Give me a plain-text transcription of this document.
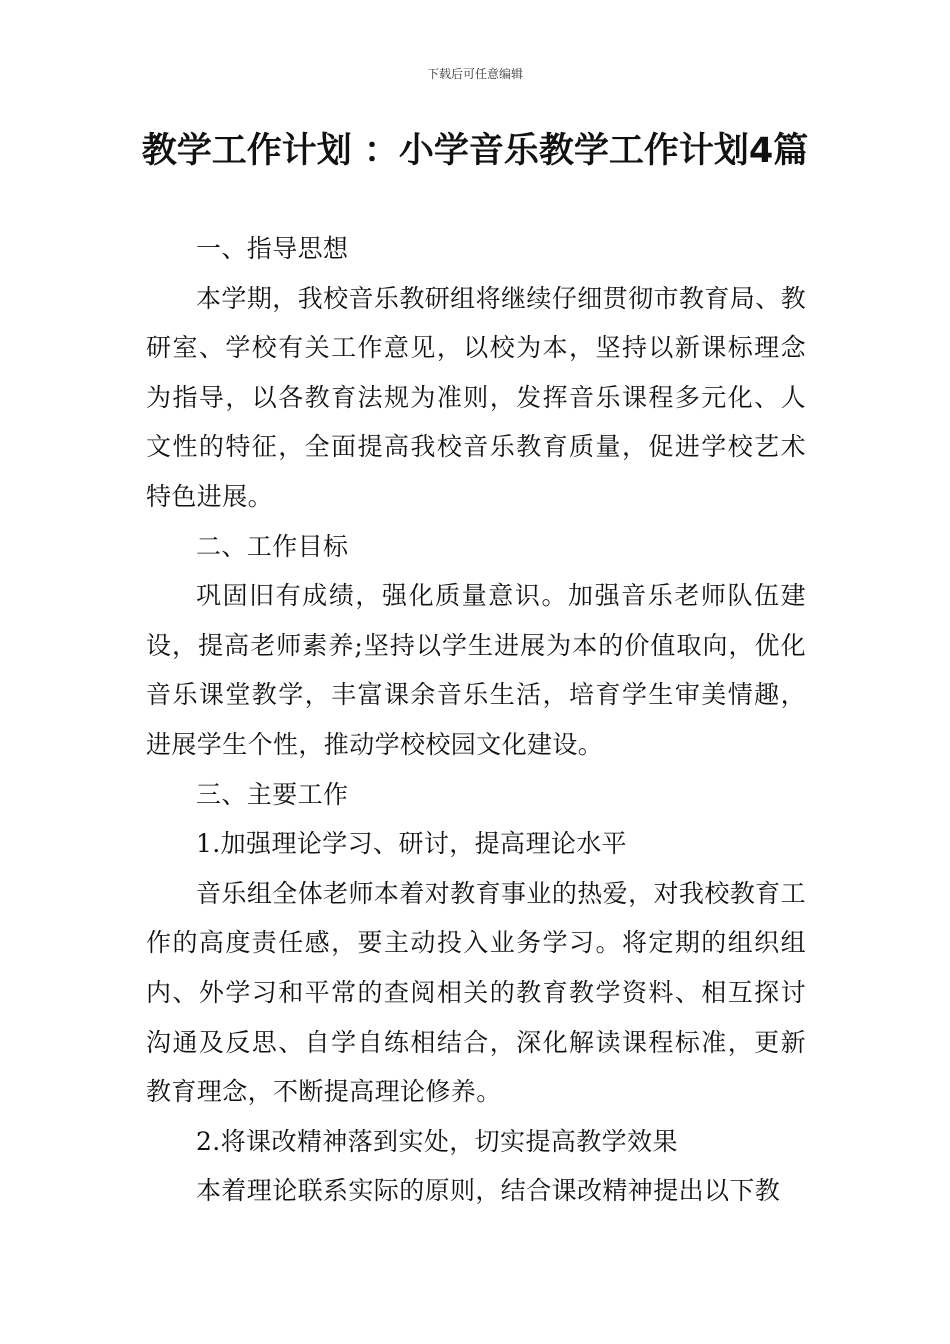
下载后可任意编辑
教学工作计划 ：小学音乐教学工作计划4篇

一、指导思想

本学期，我校音乐教研组将继续仔细贯彻市教育局、教研室、学校有关工作意见，以校为本，坚持以新课标理念为指导，以各教育法规为准则，发挥音乐课程多元化、人文性的特征，全面提高我校音乐教育质量，促进学校艺术特色进展。

二、工作目标

巩固旧有成绩，强化质量意识。加强音乐老师队伍建设，提高老师素养;坚持以学生进展为本的价值取向，优化音乐课堂教学，丰富课余音乐生活，培育学生审美情趣，进展学生个性，推动学校校园文化建设。

三、主要工作

1.加强理论学习、研讨，提高理论水平

音乐组全体老师本着对教育事业的热爱，对我校教育工作的高度责任感，要主动投入业务学习。将定期的组织组内、外学习和平常的查阅相关的教育教学资料、相互探讨沟通及反思、自学自练相结合，深化解读课程标准，更新教育理念，不断提高理论修养。

2.将课改精神落到实处，切实提高教学效果

本着理论联系实际的原则，结合课改精神提出以下教
